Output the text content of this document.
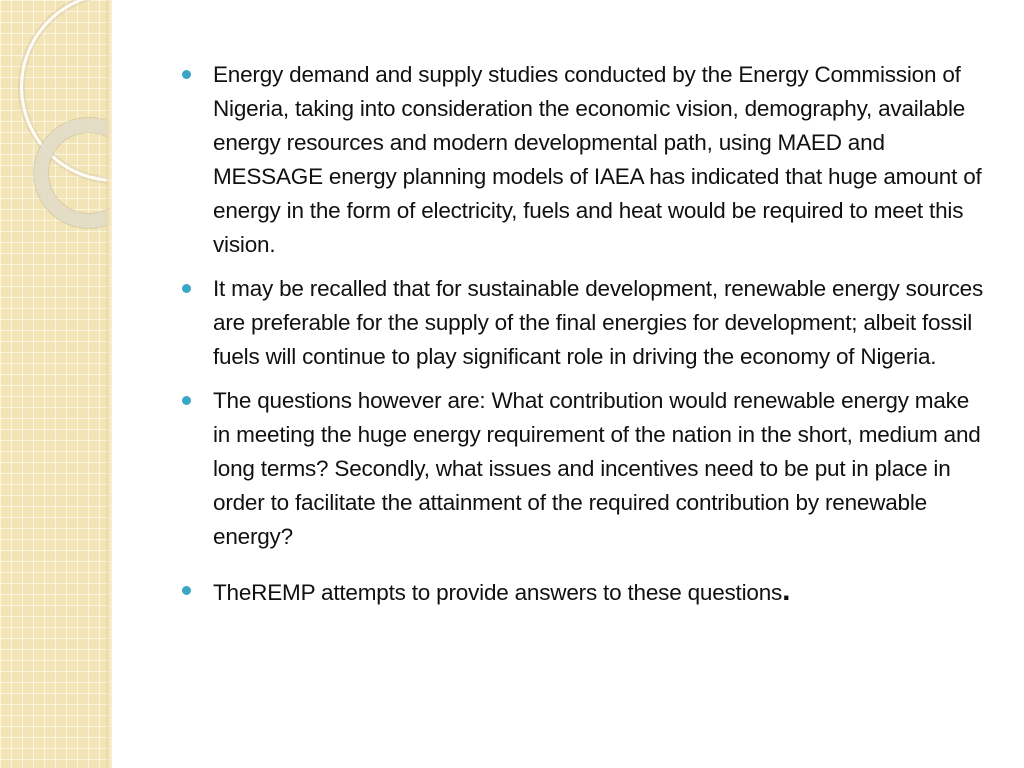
Energy demand and supply studies conducted by the Energy Commission of Nigeria, taking into consideration the economic vision, demography, available energy resources and modern developmental path, using MAED and MESSAGE energy planning models of IAEA has indicated that huge amount of energy in the form of electricity, fuels and heat would be required to meet this vision.
It may be recalled that for sustainable development, renewable energy sources are preferable for the supply of the final energies for development; albeit fossil fuels will continue to play significant role in driving the economy of Nigeria.
The questions however are: What contribution would renewable energy make in meeting the huge energy requirement of the nation in the short, medium and long terms? Secondly, what issues and incentives need to be put in place in order to facilitate the attainment of the required contribution by renewable energy?
TheREMP attempts to provide answers to these questions.
